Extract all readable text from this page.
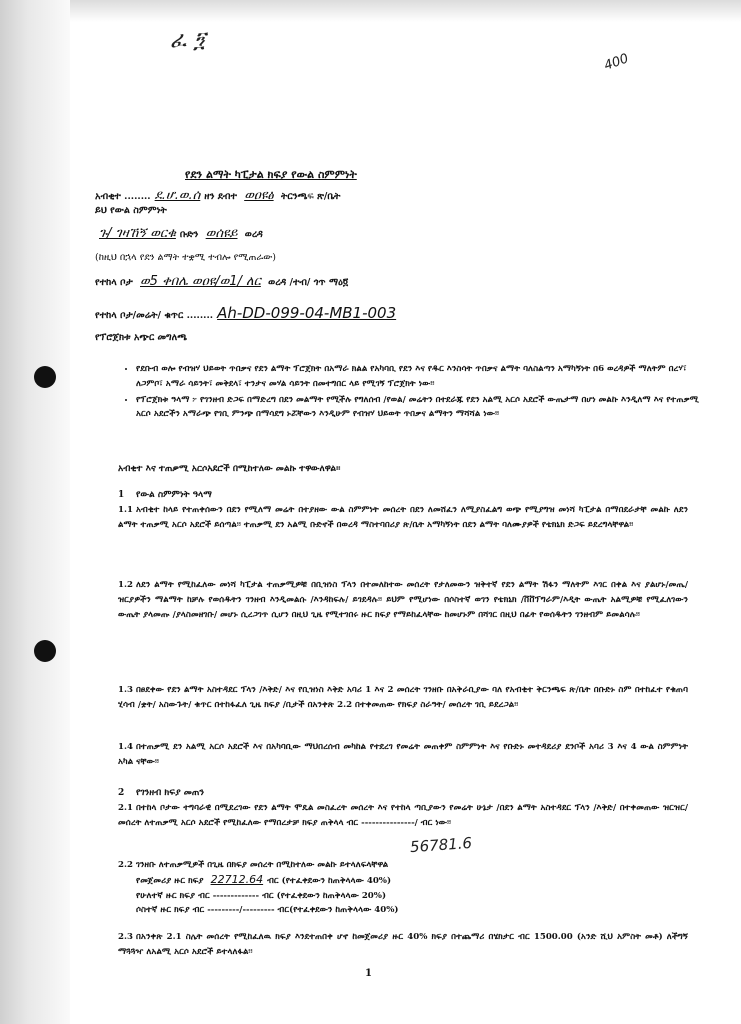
ፈ ፺
400
የደን ልማት ካፒታል ክፍያ የውል ስምምነት
አብቂተ ........ ደ.ሆ.ወ.ሰ ዘን ደብተ ወዐዩፅ ትርንጫፍ ጽ/ቤት
ይህ የውል ስምምነት
ጉ/ ገዛኸኝ ወርቁ ቡድን ወሰዩይ ወረዳ
(ከዚህ በኋላ የደን ልማት ተቋሚ ተብሎ የሚጠራው)
የተከላ ቦታ ወ5 ቀበሌ ወዐዩ/ወ1/ ለር ወረዳ /ተብ/ ጎጥ ማዕ፬
የተከላ ቦታ/መሬት/ ቁጥር ........ Ah-DD-099-04-MB1-003
የፕሮጀክቱ አጭር መግለጫ
• የደቡብ ወሎ የብዝሃ ህይወት ጥበቃና የደን ልማት ፕሮጀክት በአማራ ክልል የአካባቢ የደን እና የዱር እንስሳት ጥበቃና ልማት ባለስልጣን አማካኝነት በ6 ወረዳዎች ማለትም በረሃ፣ ለጋምቦ፣ አማራ ሳይንት፣ መቅደላ፣ ተንታና መሃል ሳይንት በመተግበር ላይ የሚገኝ ፕሮጀክት ነው፡፡
• የፕሮጀክቱ ዓላማ ፦ የገንዘብ ድጋፍ በማድረግ በደን መልማት የሚችሉ የግለሰብ /የወል/ መሬትን በተደራጁ የደን አልሚ አርሶ አደሮች ውጤታማ በሆነ መልኩ እንዲለማ እና የተጠቃሚ አርሶ አደሮችን አማራጭ የገቢ ምንጭ በማሳደግ ኑሯቸውን እንዲሁም የብዝሃ ህይወት ጥበቃና ልማትን ማሻሻል ነው፡፡
አብቂተ እና ተጠቃሚ አርሶአደሮች በሚከተለው መልኩ ተዋውለዋል፡፡
1 የውል ስምምነት ዓላማ
1.1 አብቂተ ከላይ የተጠቀሰውን በደን የሚለማ መሬት በተያዘው ውል ስምምነት መሰረት በደን ለመሸፈን ለሚያስፈልግ ወጭ የሚያግዝ መነሻ ካፒታል በማበደራታቸ መልኩ ለደን ልማት ተጠቃሚ አርሶ አደሮች ይሰጣል፡፡ ተጠቃሚ ደን አልሚ ቡድኖች በወረዳ ማስተባበሪያ ጽ/ቤት አማካኝነት በደን ልማት ባለሙያዎች የቴክኒክ ድጋፍ ይደረግላቸዋል፡፡
1.2 ለደን ልማት የሚከፈለው መነሻ ካፒታል ተጠቃሚዎቹ በቢዝነስ ፕላን በተመለከተው መሰረት የታለመውን ዝቅተኛ የደን ልማት ሽፋን ማለትም እገር በቀል እና ያልሆኑ/መጤ/ ዝርያዎችን ማልማት ከቻሉ የወሰዱትን ገንዘብ እንዲመልሱ /እንዳከፍሉ/ ይገደዳሉ፡፡ ይህም የሚሆነው በሶስተኛ ወገን የቴክኒክ /ቨቨፕግራም/እዲት ውጤት አልሚዎቹ የሚፈለገውን ውጤት ያላመጡ /ያላስመዘገቡ/ መሆኑ ሲረጋገጥ ሲሆን በዚህ ጊዜ የሚተገበሩ ዙር ክፍያ የማይከፈላቸው ከመሆኑም በሻገር በዚህ በፊት የወሰዱትን ገንዘብም ይመልሳሉ፡፡
1.3 በፀደቀው የደን ልማት አስተዳደር ፕላን /እቅድ/ እና የቢዝነስ እቅድ አባሪ 1 እና 2 መሰረት ገንዘቡ በአቅራቢያው ባለ የአብቂተ ቅርንጫፍ ጽ/ቤት በቡድኑ ስም በተከፈተ የቁጠባ ሂሳብ /ቋት/ አስውጉት/ ቁጥር በተከፋፈለ ጊዜ ክፍያ /ቢታች በአንቀጽ 2.2 በተቀመጠው የክፍያ ስራዓት/ መሰረት ገቢ ይደረጋል፡፡
1.4 በተጠቃሚ ደን አልሚ አርሶ አደሮች እና በአካባቢው ማህበረሰብ መካከል የተደረገ የመሬት መጠቀም ስምምነት እና የቡድኑ መተዳደሪያ ደንቦች አባሪ 3 እና 4 ውል ስምምነት አካል ናቸው፡፡
2 የገንዘብ ክፍያ መጠን
2.1 በተከላ ቦታው ተግባራዊ በሚደረገው የደን ልማት ሞዴል መስፈረት መሰረት እና የተከላ ጣቢያውን የመሬት ሁኔታ /በደን ልማት አስተዳደር ፕላን /እቅድ/ በተቀመጠው ዝርዝር/ መሰረት ለተጠቃሚ አርሶ አደሮች የሚከፈለው የማበረታቻ ክፍያ ጠቅላላ ብር ---------------/ ብር ነው፡፡
56781.6
2.2 ገንዘቡ ለተጠቃሚዎች በጊዜ በክፍያ መሰረት በሚከተለው መልኩ ይተላለፍላቸዋል
የመጀመሪያ ዙር ክፍያ 22712.64 ብር (የተፈቀደውን ከጠቅላላው 40%)
የሁለተኛ ዙር ክፍያ ብር ------------- ብር (የተፈቀደውን ከጠቅላላው 20%)
ሶስተኛ ዙር ክፍያ ብር ---------/--------- ብር(የተፈቀደውን ከጠቅላላው 40%)
2.3 በአንቀጽ 2.1 ስሌት መሰረት የሚከፈለዉ ክፍያ እንደተጠበቀ ሆኖ ከመጀመሪያ ዙር 40% ክፍያ በተጨማሪ በሄክታር ብር 1500.00 (አንድ ሺህ አምስት መቶ) ለችግኝ ማጓጓዣ ለአልሚ አርሶ አደሮች ይተላለፋል፡፡
1
